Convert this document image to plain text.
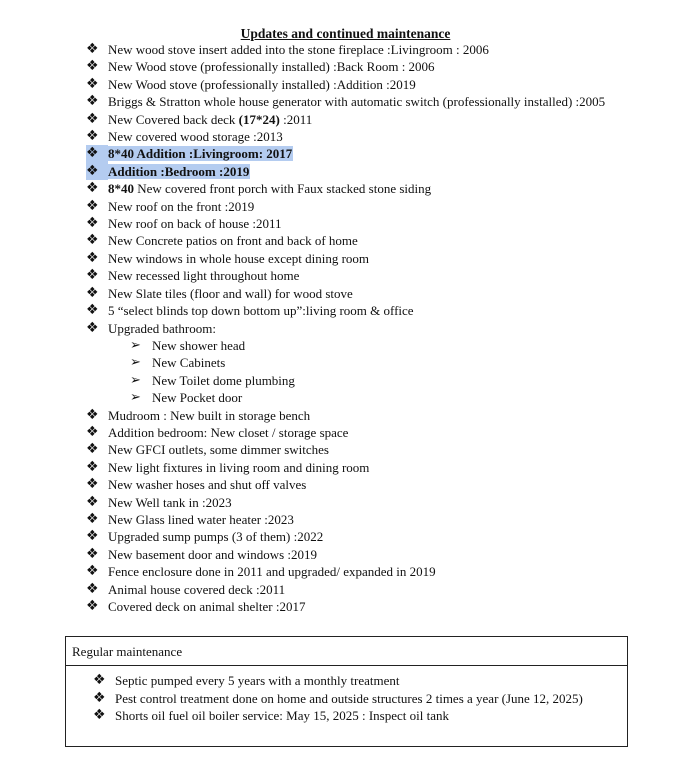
Updates and continued maintenance
❖ New wood stove insert added into the stone fireplace :Livingroom : 2006
❖ New Wood stove (professionally installed) :Back Room : 2006
❖ New Wood stove (professionally installed) :Addition :2019
❖ Briggs & Stratton whole house generator with automatic switch (professionally installed) :2005
❖ New Covered back deck (17*24) :2011
❖ New covered wood storage :2013
❖ 8*40 Addition :Livingroom: 2017
❖ Addition :Bedroom :2019
❖ 8*40 New covered front porch with Faux stacked stone siding
❖ New roof on the front :2019
❖ New roof on back of house :2011
❖ New Concrete patios on front and back of home
❖ New windows in whole house except dining room
❖ New recessed light throughout home
❖ New Slate tiles (floor and wall) for wood stove
❖ 5 “select blinds top down bottom up”:living room & office
❖ Upgraded bathroom:
➢ New shower head
➢ New Cabinets
➢ New Toilet dome plumbing
➢ New Pocket door
❖ Mudroom : New built in storage bench
❖ Addition bedroom: New closet / storage space
❖ New GFCI outlets, some dimmer switches
❖ New light fixtures in living room and dining room
❖ New washer hoses and shut off valves
❖ New Well tank in :2023
❖ New Glass lined water heater :2023
❖ Upgraded sump pumps (3 of them) :2022
❖ New basement door and windows :2019
❖ Fence enclosure done in 2011 and upgraded/ expanded in 2019
❖ Animal house covered deck :2011
❖ Covered deck on animal shelter :2017
Regular maintenance
❖ Septic pumped every 5 years with a monthly treatment
❖ Pest control treatment done on home and outside structures 2 times a year (June 12, 2025)
❖ Shorts oil fuel oil boiler service: May 15, 2025 : Inspect oil tank
